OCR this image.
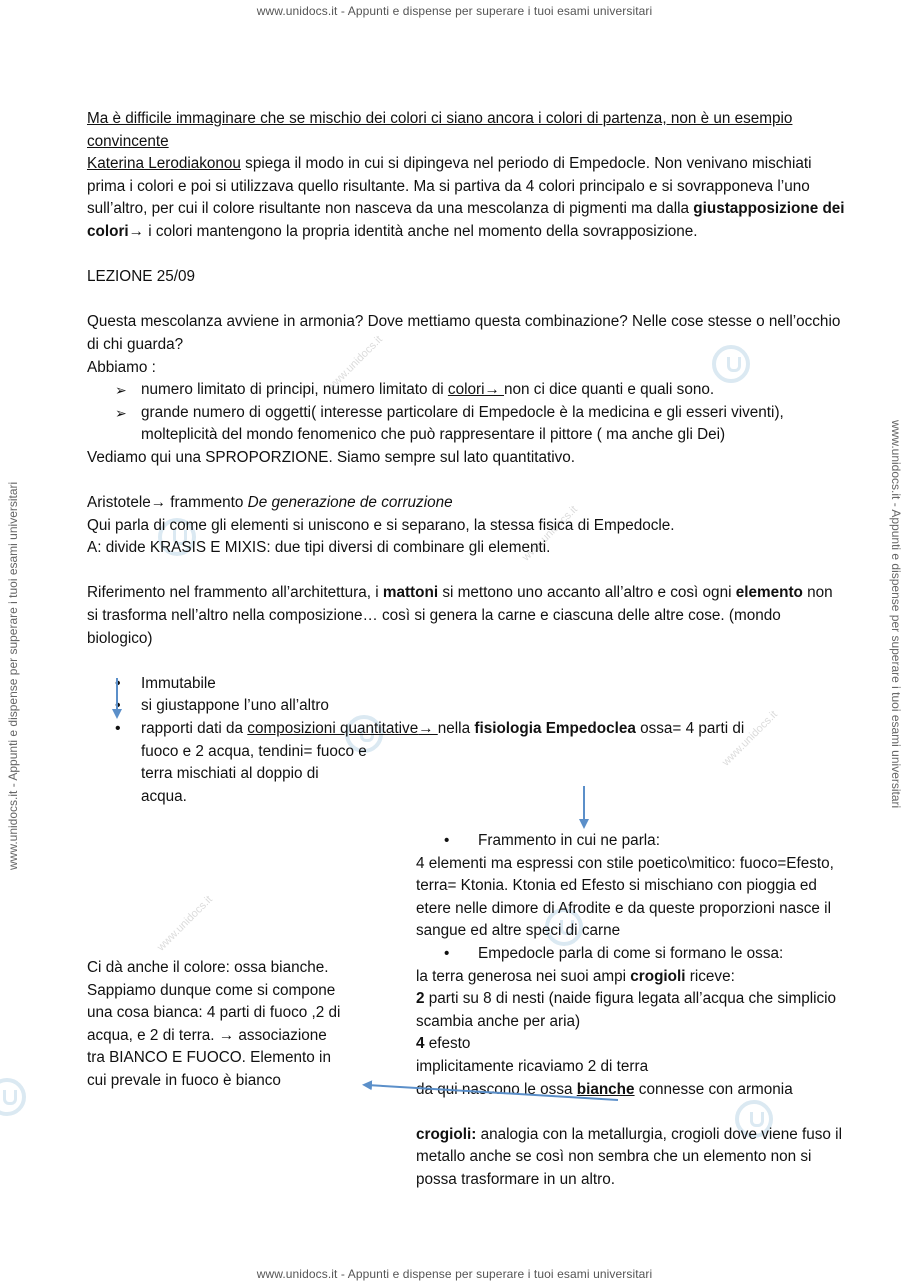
www.unidocs.it - Appunti e dispense per superare i tuoi esami universitari
www.unidocs.it - Appunti e dispense per superare i tuoi esami universitari
www.unidocs.it - Appunti e dispense per superare i tuoi esami universitari	www.unidocs.it - Appunti e dispense per superare i tuoi esami universitari
www.unidocs.it
www.unidocs.it
www.unidocs.it
www.unidocs.it

Ma è difficile immaginare che se mischio dei colori ci siano ancora i colori di partenza, non è un esempio convincente

Katerina Lerodiakonou spiega il modo in cui si dipingeva nel periodo di Empedocle. Non venivano mischiati prima i colori e poi si utilizzava quello risultante. Ma si partiva da 4 colori principalo e si sovrapponeva l’uno sull’altro, per cui il colore risultante non nasceva da una mescolanza di pigmenti ma dalla giustapposizione dei colori→ i colori mantengono la propria identità anche nel momento della sovrapposizione.

LEZIONE 25/09

Questa mescolanza avviene in armonia? Dove mettiamo questa combinazione? Nelle cose stesse o nell’occhio di chi guarda?

Abbiamo :

➢ numero limitato di principi, numero limitato di colori→ non ci dice quanti e quali sono.
➢ grande numero di oggetti( interesse particolare di Empedocle è la medicina e gli esseri viventi), molteplicità del mondo fenomenico che può rappresentare il pittore ( ma anche gli Dei)

Vediamo qui una SPROPORZIONE. Siamo sempre sul lato quantitativo.

Aristotele→ frammento De generazione de corruzione

Qui parla di come gli elementi si uniscono e si separano, la stessa fisica di Empedocle.

A: divide KRASIS E MIXIS: due tipi diversi di combinare gli elementi.

Riferimento nel frammento all’architettura, i mattoni si mettono uno accanto all’altro e così ogni elemento non si trasforma nell’altro nella composizione… così si genera la carne e ciascuna delle altre cose. (mondo biologico)

• Immutabile
• si giustappone l’uno all’altro
• rapporti dati da composizioni quantitative→ nella fisiologia Empedoclea ossa= 4 parti di
fuoco e 2 acqua, tendini= fuoco e
terra mischiati al doppio di
acqua.

• Frammento in cui ne parla:

4 elementi ma espressi con stile poetico\mitico: fuoco=Efesto, terra= Ktonia. Ktonia ed Efesto si mischiano con pioggia ed etere nelle dimore di Afrodite e da queste proporzioni nasce il sangue ed altre speci di carne

• Empedocle parla di come si formano le ossa:

la terra generosa nei suoi ampi crogioli riceve:

2 parti su 8 di nesti (naide figura legata all’acqua che simplicio scambia anche per aria)

4 efesto

implicitamente ricaviamo 2 di terra

da qui nascono le ossa bianche connesse con armonia

crogioli: analogia con la metallurgia, crogioli dove viene fuso il metallo anche se così non sembra che un elemento non si possa trasformare in un altro.

Ci dà anche il colore: ossa bianche. Sappiamo dunque come si compone una cosa bianca: 4 parti di fuoco ,2 di acqua, e 2 di terra. → associazione tra BIANCO E FUOCO. Elemento in cui prevale in fuoco è bianco
